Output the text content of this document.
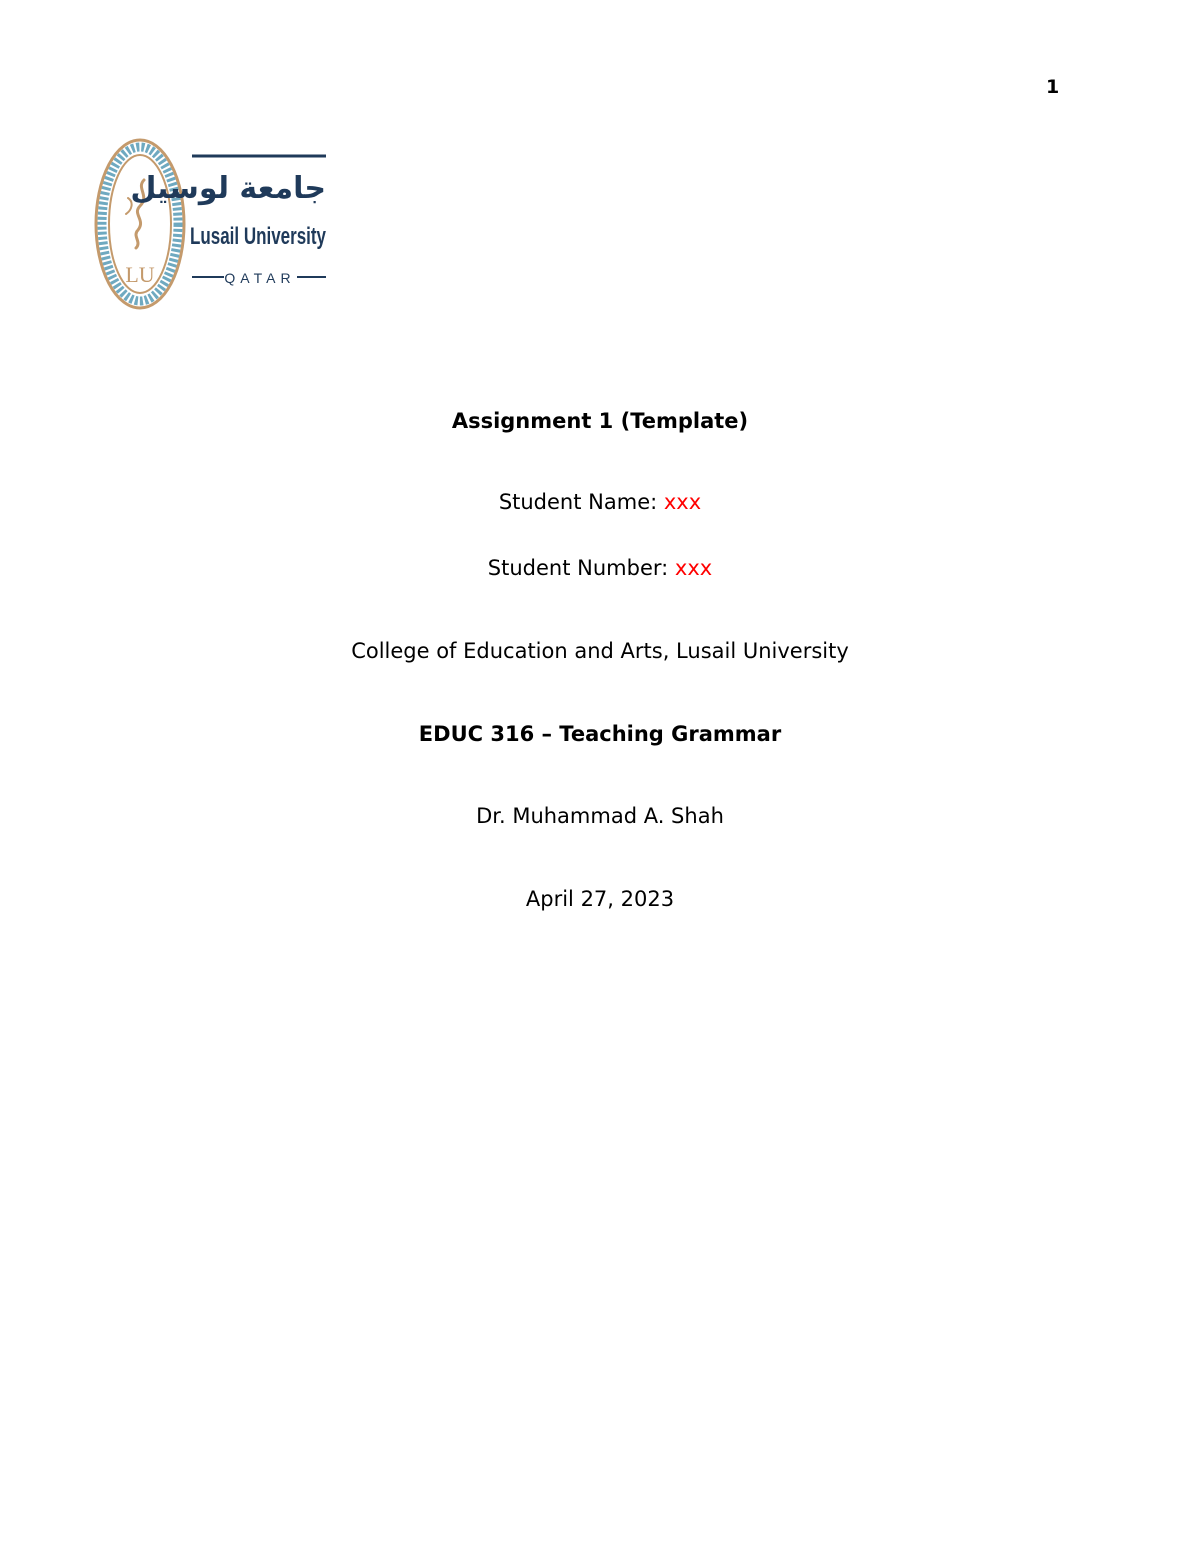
1
LU
جامعة لوسيل
Lusail University
QATAR
Assignment 1 (Template)
Student Name: xxx
Student Number: xxx
College of Education and Arts, Lusail University
EDUC 316 – Teaching Grammar
Dr. Muhammad A. Shah
April 27, 2023
